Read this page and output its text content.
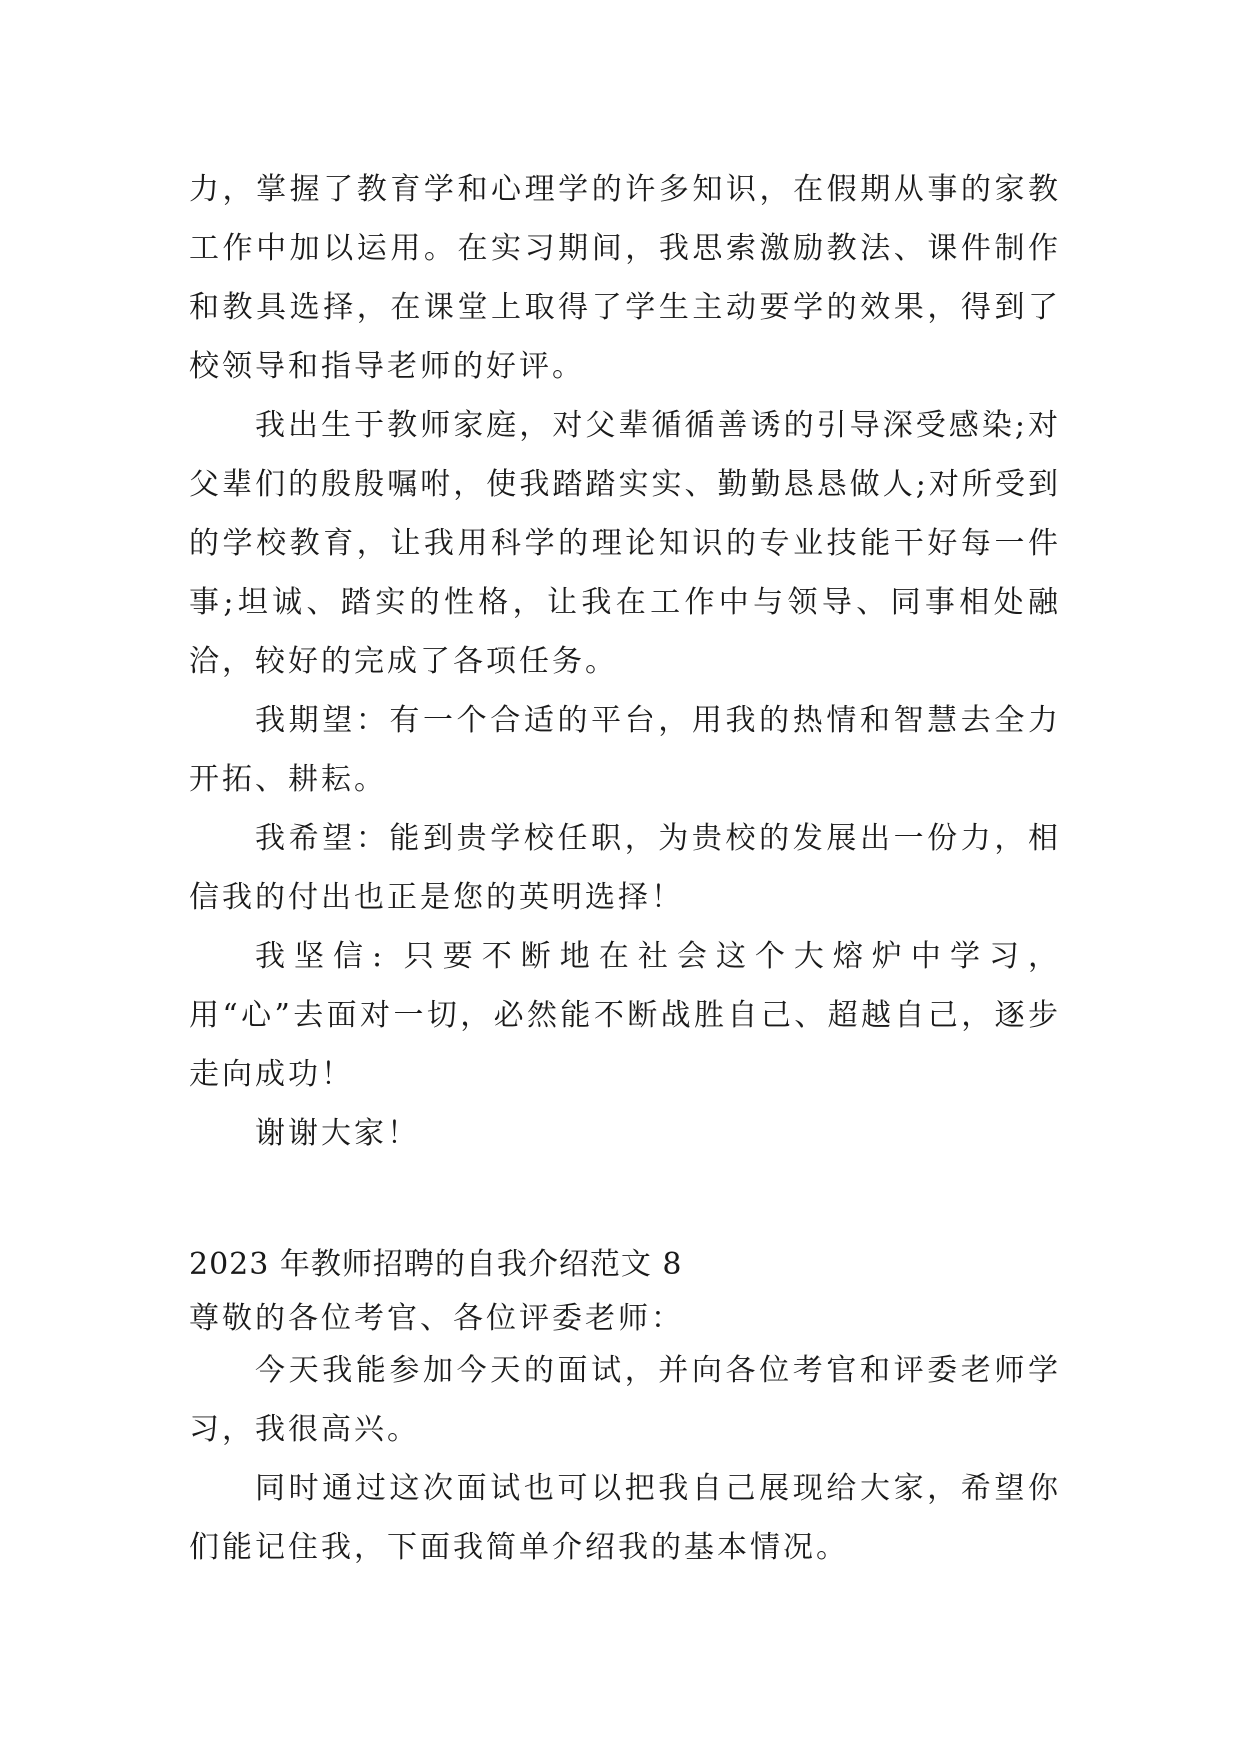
力，掌握了教育学和心理学的许多知识，在假期从事的家教工作中加以运用。在实习期间，我思索激励教法、课件制作和教具选择，在课堂上取得了学生主动要学的效果，得到了校领导和指导老师的好评。

我出生于教师家庭，对父辈循循善诱的引导深受感染;对父辈们的殷殷嘱咐，使我踏踏实实、勤勤恳恳做人;对所受到的学校教育，让我用科学的理论知识的专业技能干好每一件事;坦诚、踏实的性格，让我在工作中与领导、同事相处融洽，较好的完成了各项任务。

我期望：有一个合适的平台，用我的热情和智慧去全力开拓、耕耘。

我希望：能到贵学校任职，为贵校的发展出一份力，相信我的付出也正是您的英明选择！

我坚信: 只要不断地在社会这个大熔炉中学习，用“心”去面对一切，必然能不断战胜自己、超越自己，逐步走向成功！

谢谢大家！

2023 年教师招聘的自我介绍范文 8

尊敬的各位考官、各位评委老师：

今天我能参加今天的面试，并向各位考官和评委老师学习，我很高兴。

同时通过这次面试也可以把我自己展现给大家，希望你们能记住我，下面我简单介绍我的基本情况。
